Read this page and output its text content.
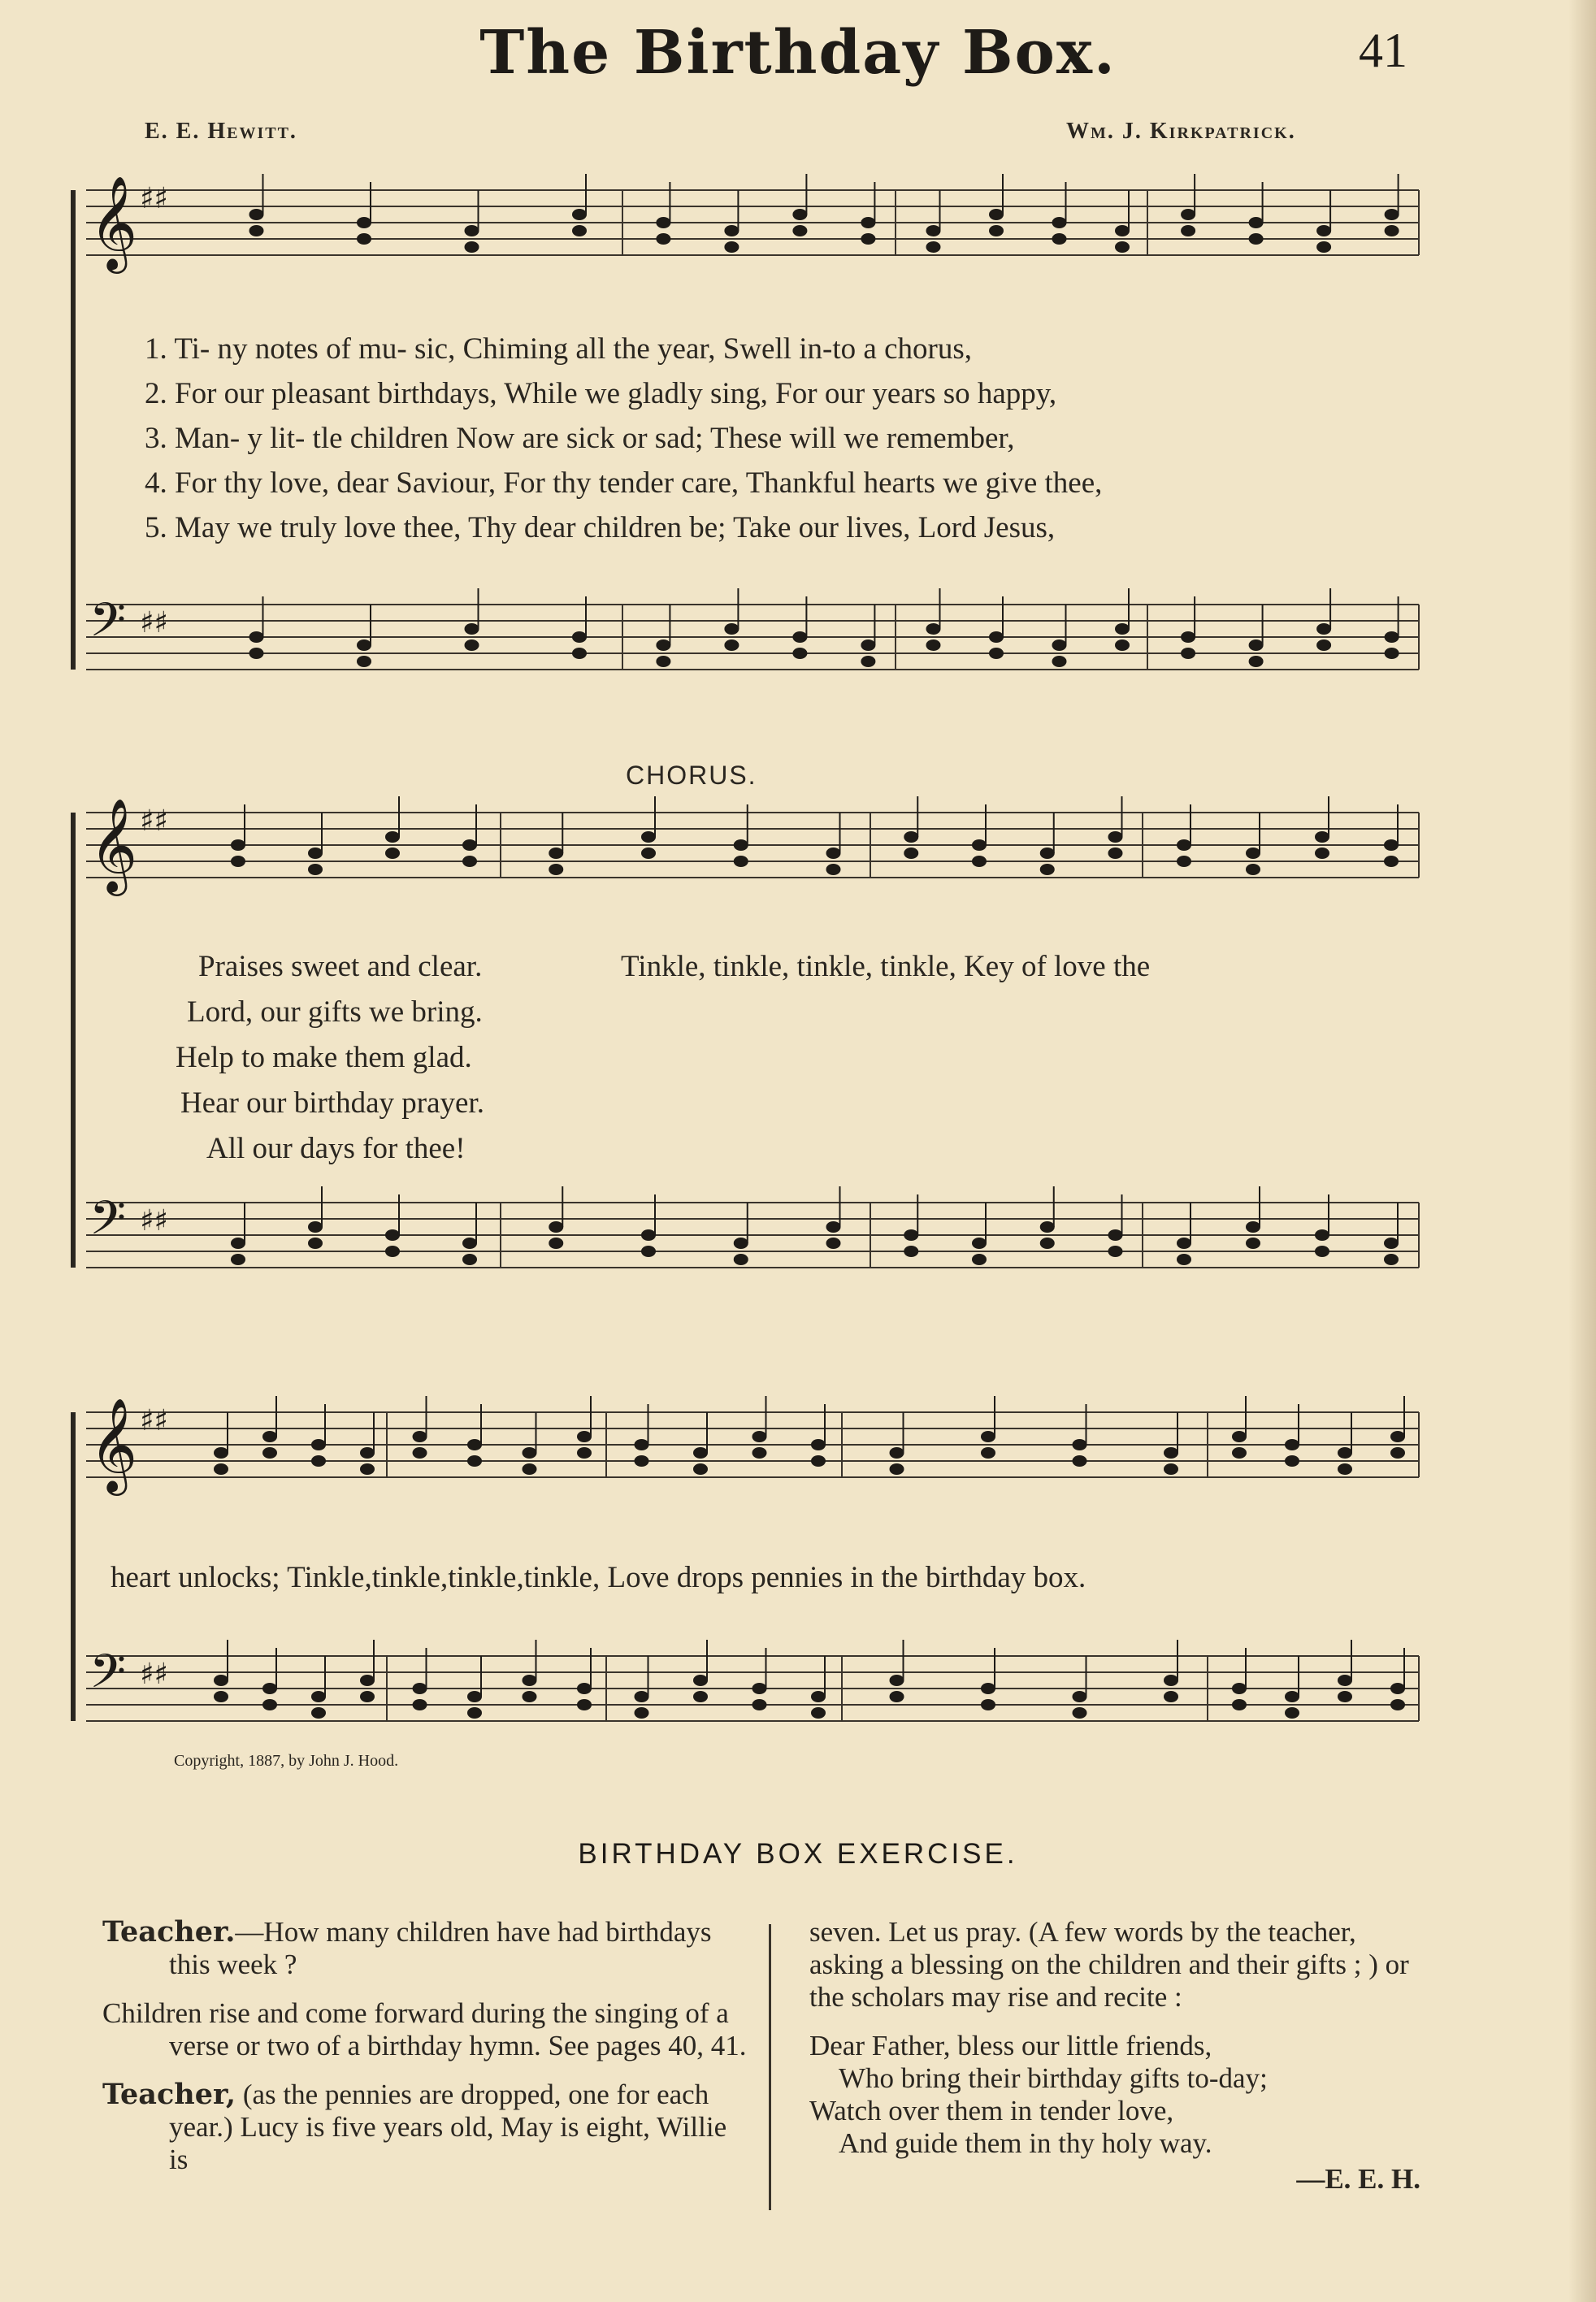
The Birthday Box.	41
E. E. Hewitt.	Wm. J. Kirkpatrick.
𝄞 ♯♯
𝄢 ♯♯
1. Ti- ny notes of mu- sic, Chiming all the year, Swell in-to a chorus,
2. For our pleasant birthdays, While we gladly sing, For our years so happy,
3. Man- y lit- tle children Now are sick or sad; These will we remember,
4. For thy love, dear Saviour, For thy tender care, Thankful hearts we give thee,
5. May we truly love thee, Thy dear children be; Take our lives, Lord Jesus,
CHORUS.
𝄞 ♯♯
𝄢 ♯♯
Praises sweet and clear.
Lord, our gifts we bring.
Help to make them glad.
Hear our birthday prayer.
All our days for thee!
Tinkle, tinkle, tinkle, tinkle, Key of love the
𝄞 ♯♯
𝄢 ♯♯
heart unlocks; Tinkle,tinkle,tinkle,tinkle, Love drops pennies in the birthday box.
Copyright, 1887, by John J. Hood.
BIRTHDAY BOX EXERCISE.

Teacher.—How many children have had birthdays this week ?

Children rise and come forward during the singing of a verse or two of a birthday hymn. See pages 40, 41.

Teacher, (as the pennies are dropped, one for each year.) Lucy is five years old, May is eight, Willie is

seven. Let us pray. (A few words by the teacher, asking a blessing on the children and their gifts ; ) or the scholars may rise and recite :

Dear Father, bless our little friends,
Who bring their birthday gifts to-day;
Watch over them in tender love,
And guide them in thy holy way.
—E. E. H.
